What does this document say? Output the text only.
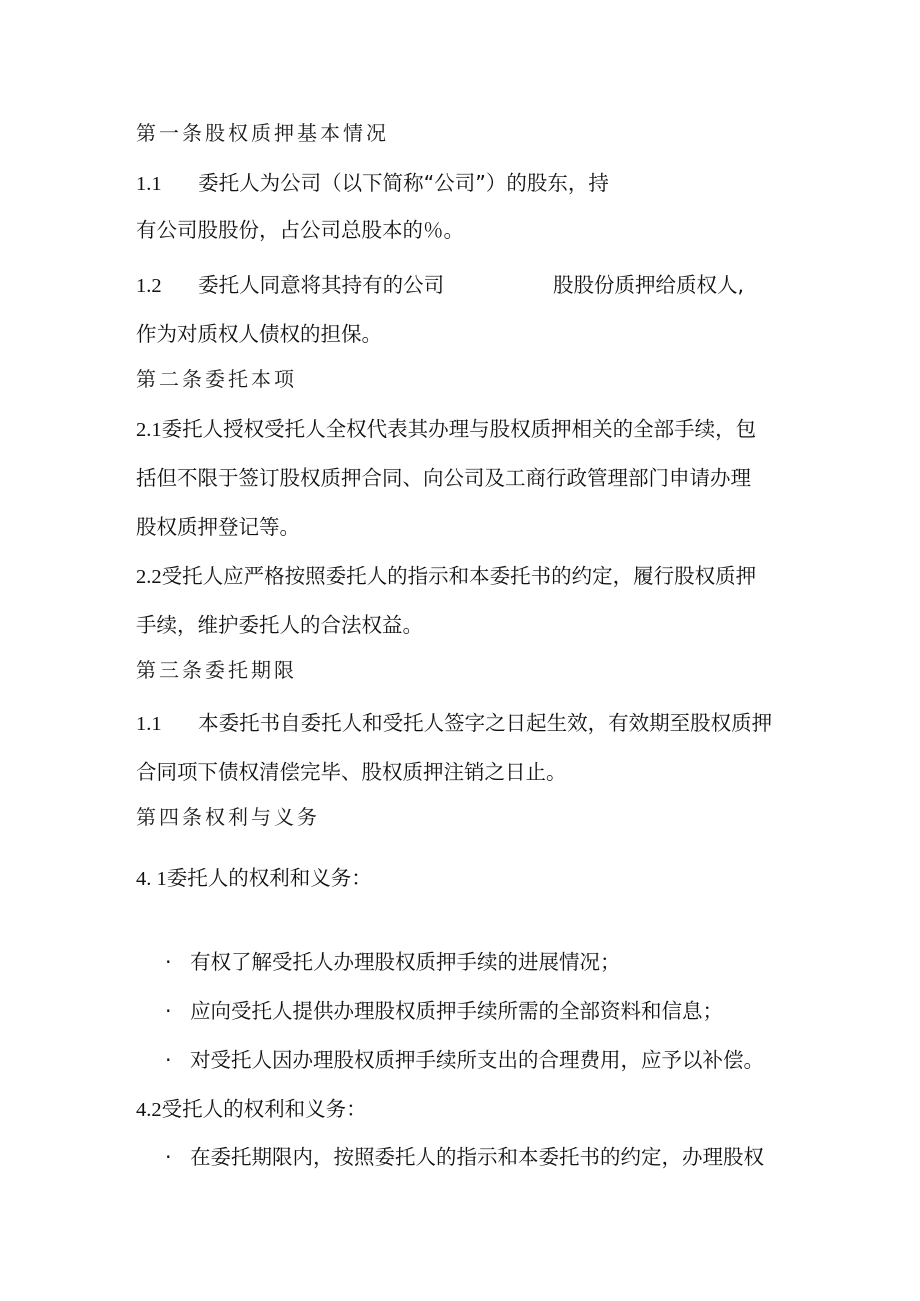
第一条股权质押基本情况
1.1 委托人为公司（以下简称“公司”）的股东，持
有公司股股份，占公司总股本的％。
1.2 委托人同意将其持有的公司	股股份质押给质权人,
作为对质权人债权的担保。
第二条委托本项
2.1委托人授权受托人全权代表其办理与股权质押相关的全部手续，包
括但不限于签订股权质押合同、向公司及工商行政管理部门申请办理
股权质押登记等。
2.2受托人应严格按照委托人的指示和本委托书的约定，履行股权质押
手续，维护委托人的合法权益。
第三条委托期限
1.1 本委托书自委托人和受托人签字之日起生效，有效期至股权质押
合同项下债权清偿完毕、股权质押注销之日止。
第四条权利与义务
4. 1委托人的权利和义务：
· 有权了解受托人办理股权质押手续的进展情况；
· 应向受托人提供办理股权质押手续所需的全部资料和信息；
· 对受托人因办理股权质押手续所支出的合理费用，应予以补偿。
4.2受托人的权利和义务：
· 在委托期限内，按照委托人的指示和本委托书的约定，办理股权
